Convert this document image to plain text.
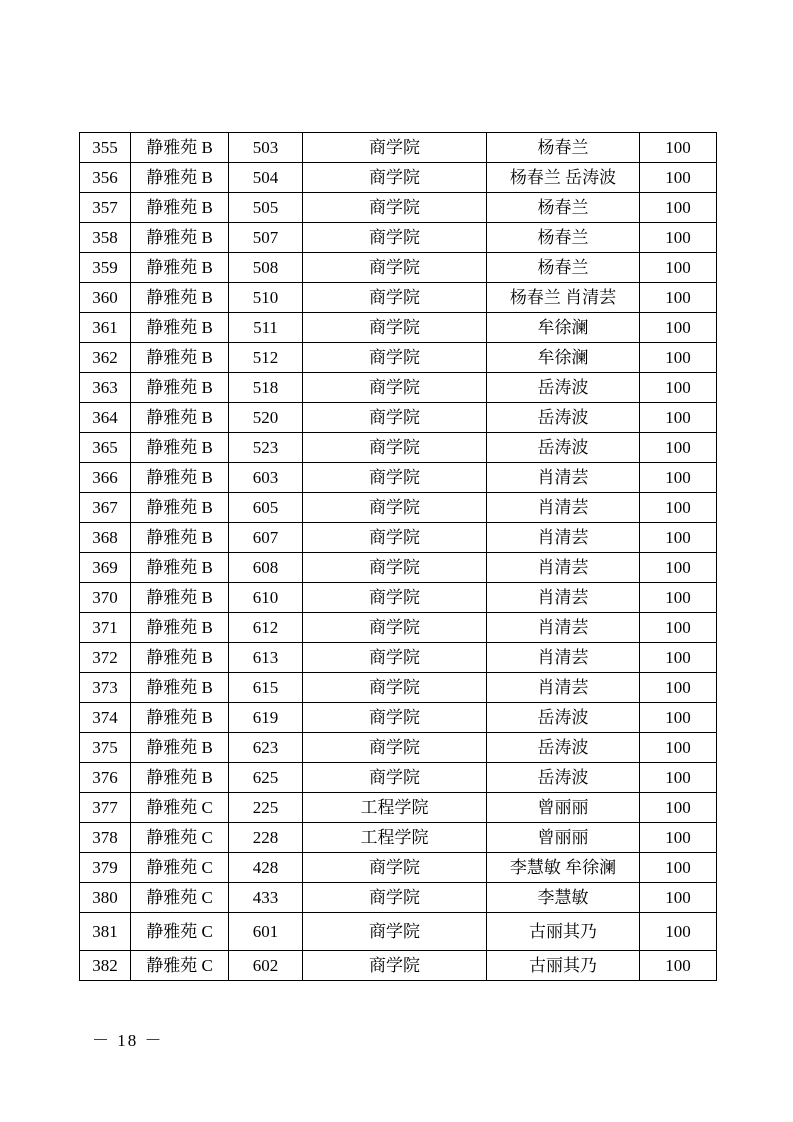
355	静雅苑 B	503	商学院	杨春兰	100
356	静雅苑 B	504	商学院	杨春兰 岳涛波	100
357	静雅苑 B	505	商学院	杨春兰	100
358	静雅苑 B	507	商学院	杨春兰	100
359	静雅苑 B	508	商学院	杨春兰	100
360	静雅苑 B	510	商学院	杨春兰 肖清芸	100
361	静雅苑 B	511	商学院	牟徐澜	100
362	静雅苑 B	512	商学院	牟徐澜	100
363	静雅苑 B	518	商学院	岳涛波	100
364	静雅苑 B	520	商学院	岳涛波	100
365	静雅苑 B	523	商学院	岳涛波	100
366	静雅苑 B	603	商学院	肖清芸	100
367	静雅苑 B	605	商学院	肖清芸	100
368	静雅苑 B	607	商学院	肖清芸	100
369	静雅苑 B	608	商学院	肖清芸	100
370	静雅苑 B	610	商学院	肖清芸	100
371	静雅苑 B	612	商学院	肖清芸	100
372	静雅苑 B	613	商学院	肖清芸	100
373	静雅苑 B	615	商学院	肖清芸	100
374	静雅苑 B	619	商学院	岳涛波	100
375	静雅苑 B	623	商学院	岳涛波	100
376	静雅苑 B	625	商学院	岳涛波	100
377	静雅苑 C	225	工程学院	曾丽丽	100
378	静雅苑 C	228	工程学院	曾丽丽	100
379	静雅苑 C	428	商学院	李慧敏 牟徐澜	100
380	静雅苑 C	433	商学院	李慧敏	100
381	静雅苑 C	601	商学院	古丽其乃	100
382	静雅苑 C	602	商学院	古丽其乃	100
－ 18 －
